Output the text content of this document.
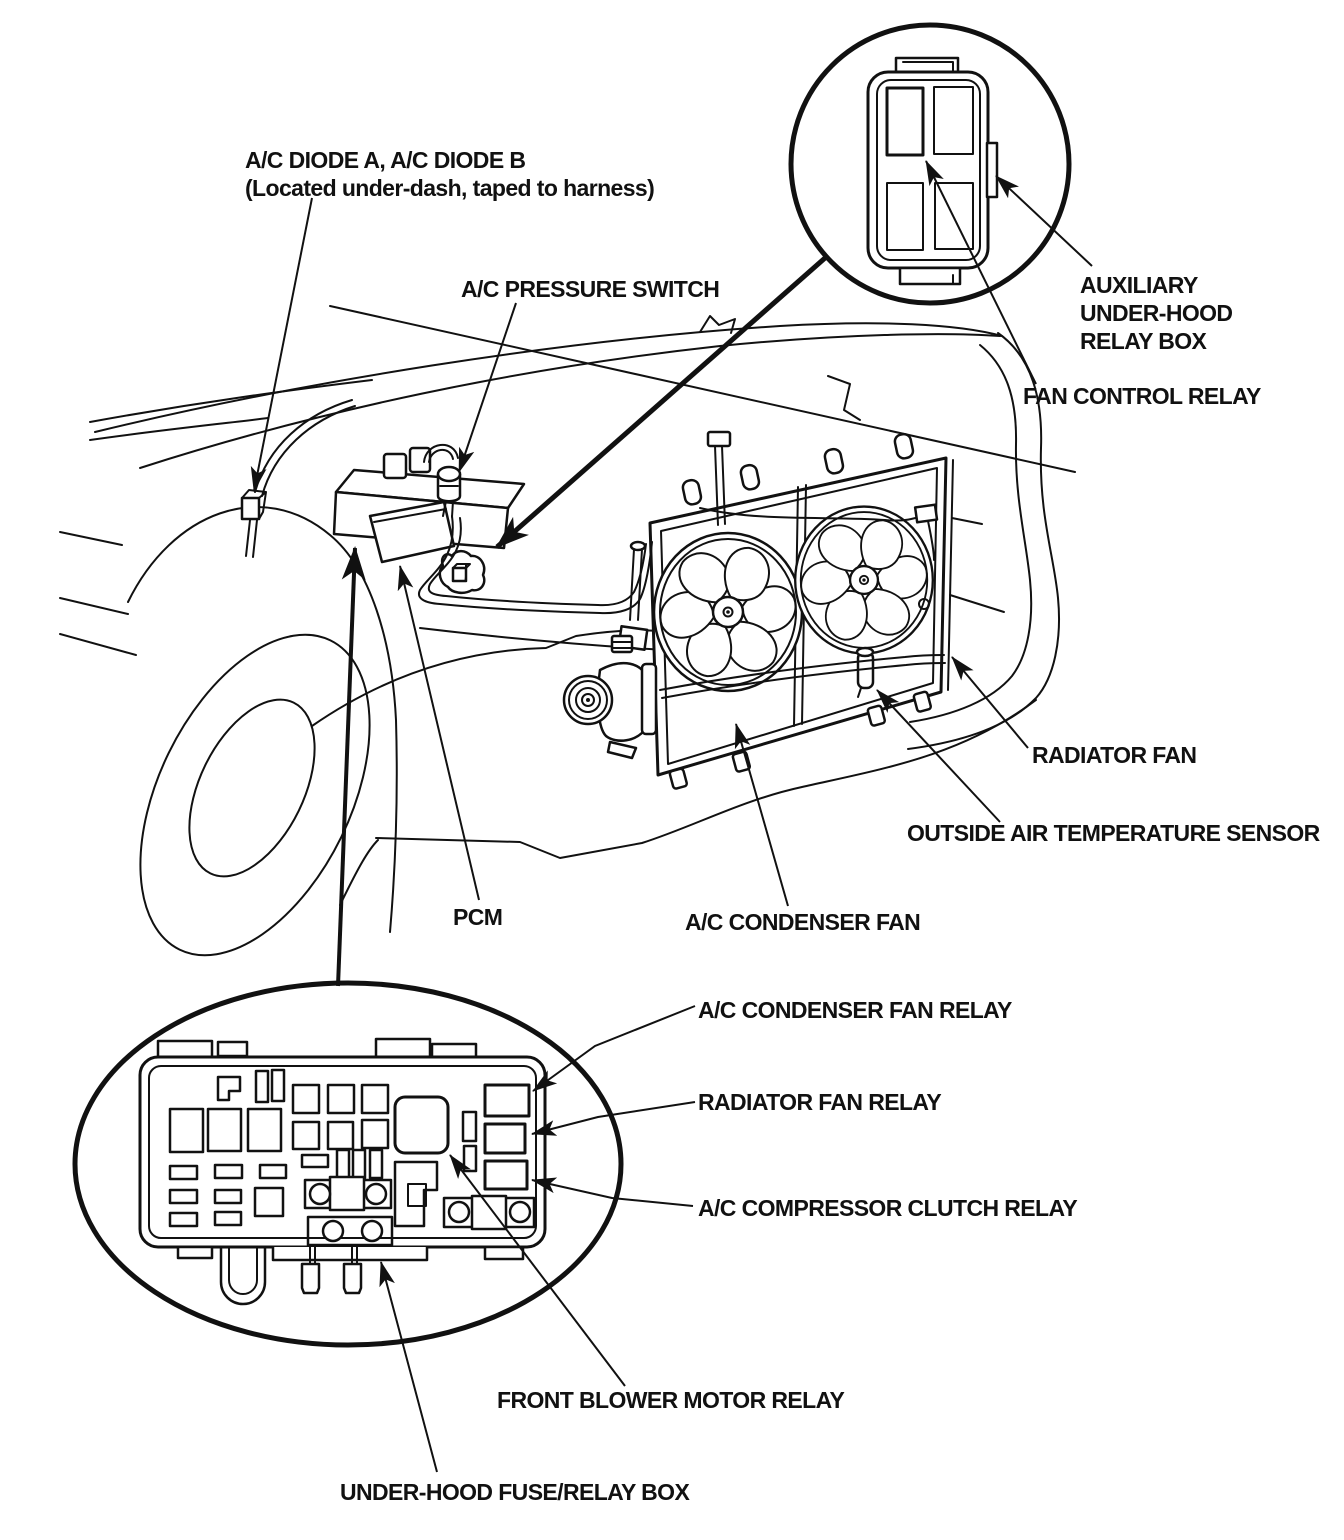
A/C DIODE A, A/C DIODE B
(Located under-dash, taped to harness)
A/C PRESSURE SWITCH	AUXILIARY
UNDER-HOOD
RELAY BOX
FAN CONTROL RELAY
RADIATOR FAN
OUTSIDE AIR TEMPERATURE SENSOR
A/C CONDENSER FAN
PCM
A/C CONDENSER FAN RELAY
RADIATOR FAN RELAY
A/C COMPRESSOR CLUTCH RELAY
FRONT BLOWER MOTOR RELAY
UNDER-HOOD FUSE/RELAY BOX
